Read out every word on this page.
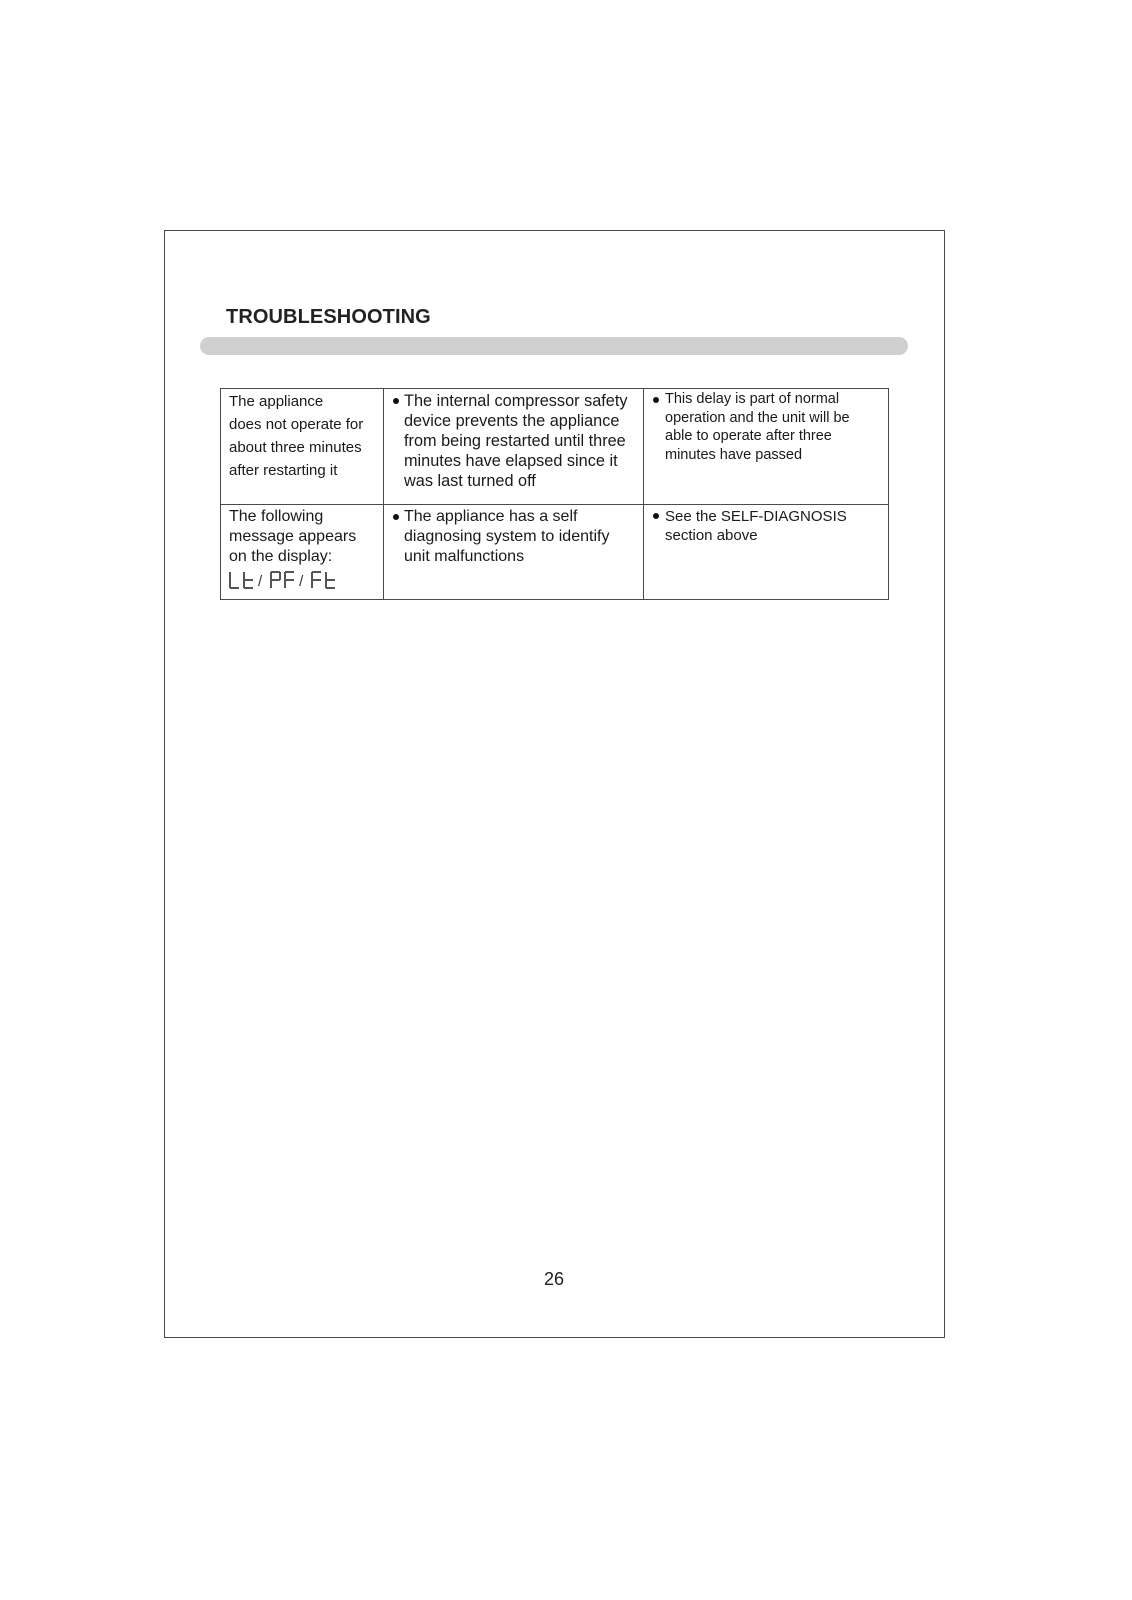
TROUBLESHOOTING
The appliance
does not operate for
about three minutes
after restarting it
The internal compressor safety
device prevents the appliance
from being restarted until three
minutes have elapsed since it
was last turned off
This delay is part of normal
operation and the unit will be
able to operate after three
minutes have passed
The following
message appears
on the display:
/ /
The appliance has a self
diagnosing system to identify
unit malfunctions
See the SELF-DIAGNOSIS
section above
26
